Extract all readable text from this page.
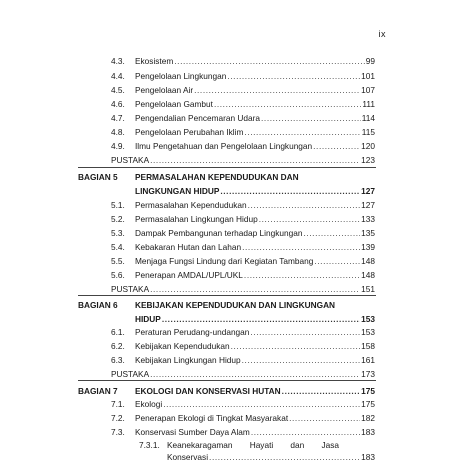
ix
4.3. Ekosistem .....	99
4.4. Pengelolaan Lingkungan .....	101
4.5. Pengelolaan Air .....	107
4.6. Pengelolaan Gambut .....	111
4.7. Pengendalian Pencemaran Udara .....	114
4.8. Pengelolaan Perubahan Iklim .....	115
4.9. Ilmu Pengetahuan dan Pengelolaan Lingkungan .....	120
PUSTAKA .....	123
BAGIAN 5 PERMASALAHAN KEPENDUDUKAN DAN
LINGKUNGAN HIDUP .....	127
5.1. Permasalahan Kependudukan .....	127
5.2. Permasalahan Lingkungan Hidup .....	133
5.3. Dampak Pembangunan terhadap Lingkungan .....	135
5.4. Kebakaran Hutan dan Lahan .....	139
5.5. Menjaga Fungsi Lindung dari Kegiatan Tambang .....	148
5.6. Penerapan AMDAL/UPL/UKL .....	148
PUSTAKA .....	151
BAGIAN 6 KEBIJAKAN KEPENDUDUKAN DAN LINGKUNGAN
HIDUP .....	153
6.1. Peraturan Perudang-undangan .....	153
6.2. Kebijakan Kependudukan .....	158
6.3. Kebijakan Lingkungan Hidup .....	161
PUSTAKA .....	173
BAGIAN 7 EKOLOGI DAN KONSERVASI HUTAN .....	175
7.1. Ekologi .....	175
7.2. Penerapan Ekologi di Tingkat Masyarakat .....	182
7.3. Konservasi Sumber Daya Alam .....	183
7.3.1. Keanekaragaman Hayati dan Jasa
Konservasi .....	183
